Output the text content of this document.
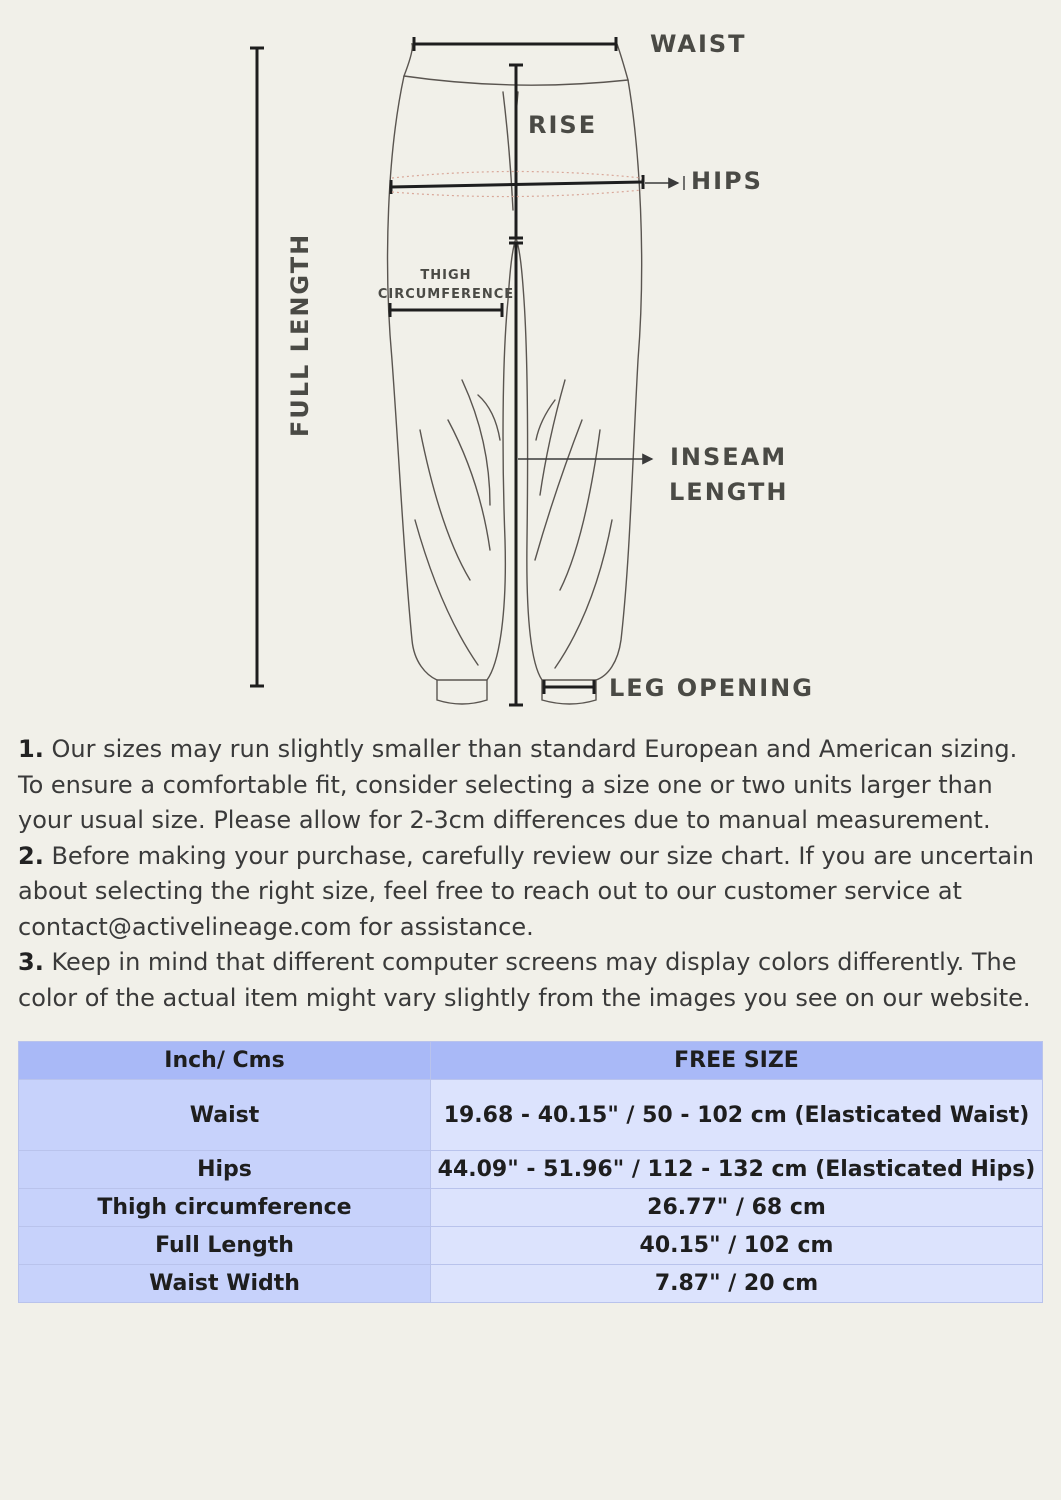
WAIST
RISE
HIPS
THIGH
CIRCUMFERENCE
FULL LENGTH
INSEAM
LENGTH
LEG OPENING

1. Our sizes may run slightly smaller than standard European and American sizing. To ensure a comfortable fit, consider selecting a size one or two units larger than your usual size. Please allow for 2-3cm differences due to manual measurement.

2. Before making your purchase, carefully review our size chart. If you are uncertain about selecting the right size, feel free to reach out to our customer service at contact@activelineage.com for assistance.

3. Keep in mind that different computer screens may display colors differently. The color of the actual item might vary slightly from the images you see on our website.

Inch/ Cms	FREE SIZE
Waist	19.68 - 40.15" / 50 - 102 cm (Elasticated Waist)
Hips	44.09" - 51.96" / 112 - 132 cm (Elasticated Hips)
Thigh circumference	26.77" / 68 cm
Full Length	40.15" / 102 cm
Waist Width	7.87" / 20 cm
